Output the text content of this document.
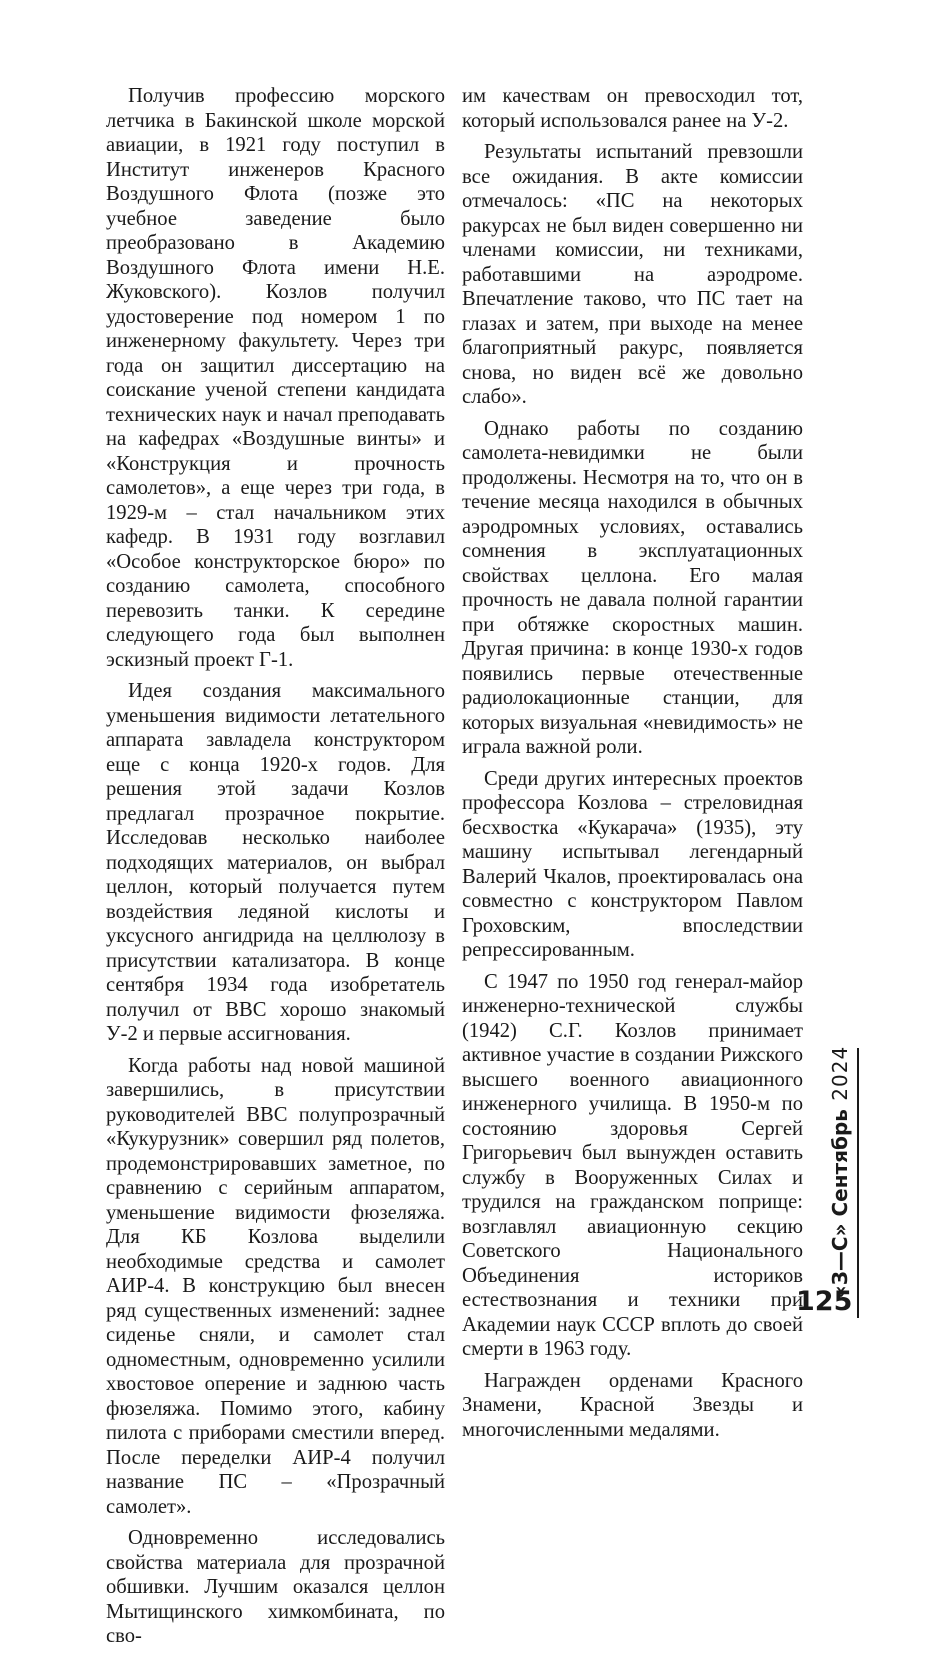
Получив профессию морского летчика в Бакинской школе морской авиации, в 1921 году поступил в Институт инженеров Красного Воздушного Флота (позже это учебное заведение было преобразовано в Академию Воздушного Флота имени Н.Е. Жуковского). Козлов получил удостоверение под номером 1 по инженерному факультету. Через три года он защитил диссертацию на соискание ученой степени кандидата технических наук и начал преподавать на кафедрах «Воздушные винты» и «Конструкция и прочность самолетов», а еще через три года, в 1929-м – стал начальником этих кафедр. В 1931 году возглавил «Особое конструкторское бюро» по созданию самолета, способного перевозить танки. К середине следующего года был выполнен эскизный проект Г-1.

Идея создания максимального уменьшения видимости летательного аппарата завладела конструктором еще с конца 1920-х годов. Для решения этой задачи Козлов предлагал прозрачное покрытие. Исследовав несколько наиболее подходящих материалов, он выбрал целлон, который получается путем воздействия ледяной кислоты и уксусного ангидрида на целлюлозу в присутствии катализатора. В конце сентября 1934 года изобретатель получил от ВВС хорошо знакомый У-2 и первые ассигнования.

Когда работы над новой машиной завершились, в присутствии руководителей ВВС полупрозрачный «Кукурузник» совершил ряд полетов, продемонстрировавших заметное, по сравнению с серийным аппаратом, уменьшение видимости фюзеляжа. Для КБ Козлова выделили необходимые средства и самолет АИР-4. В конструкцию был внесен ряд существенных изменений: заднее сиденье сняли, и самолет стал одноместным, одновременно усилили хвостовое оперение и заднюю часть фюзеляжа. Помимо этого, кабину пилота с приборами сместили вперед. После переделки АИР-4 получил название ПС – «Прозрачный самолет».

Одновременно исследовались свойства материала для прозрачной обшивки. Лучшим оказался целлон Мытищинского химкомбината, по сво-

им качествам он превосходил тот, который использовался ранее на У-2.

Результаты испытаний превзошли все ожидания. В акте комиссии отмечалось: «ПС на некоторых ракурсах не был виден совершенно ни членами комиссии, ни техниками, работавшими на аэродроме. Впечатление таково, что ПС тает на глазах и затем, при выходе на менее благоприятный ракурс, появляется снова, но виден всё же довольно слабо».

Однако работы по созданию самолета-невидимки не были продолжены. Несмотря на то, что он в течение месяца находился в обычных аэродромных условиях, оставались сомнения в эксплуатационных свойствах целлона. Его малая прочность не давала полной гарантии при обтяжке скоростных машин. Другая причина: в конце 1930-х годов появились первые отечественные радиолокационные станции, для которых визуальная «невидимость» не играла важной роли.

Среди других интересных проектов профессора Козлова – стреловидная бесхвостка «Кукарача» (1935), эту машину испытывал легендарный Валерий Чкалов, проектировалась она совместно с конструктором Павлом Гроховским, впоследствии репрессированным.

С 1947 по 1950 год генерал-майор инженерно-технической службы (1942) С.Г. Козлов принимает активное участие в создании Рижского высшего военного авиационного инженерного училища. В 1950-м по состоянию здоровья Сергей Григорьевич был вынужден оставить службу в Вооруженных Силах и трудился на гражданском поприще: возглавлял авиационную секцию Советского Национального Объединения историков естествознания и техники при Академии наук СССР вплоть до своей смерти в 1963 году.

Награжден орденами Красного Знамени, Красной Звезды и многочисленными медалями.

«З—С» Сентябрь 2024
125
